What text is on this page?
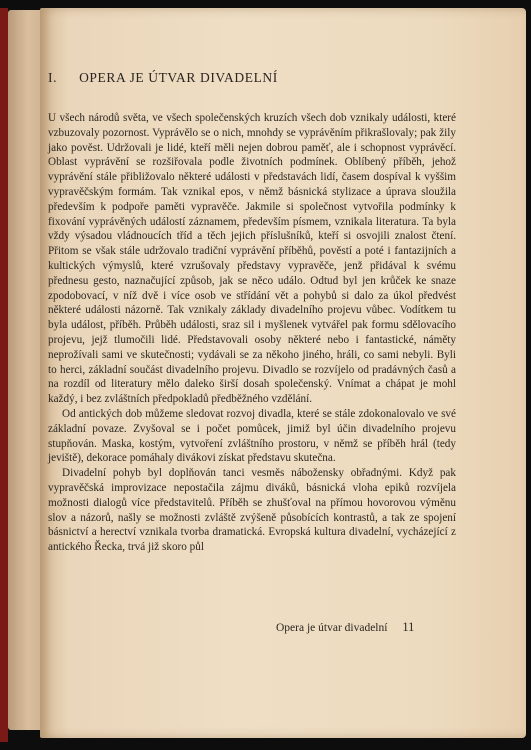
I. OPERA JE ÚTVAR DIVADELNÍ

U všech národů světa, ve všech společenských kruzích všech dob vznikaly události, které vzbuzovaly pozornost. Vyprávělo se o nich, mnohdy se vyprávěním přikrašlovaly; pak žily jako pověst. Udržovali je lidé, kteří měli nejen dobrou paměť, ale i schopnost vyprávěcí. Oblast vyprávění se rozšiřovala podle životních podmínek. Oblíbený příběh, jehož vyprávění stále přibližovalo některé události v představách lidí, časem dospíval k vyššim vypravěčským formám. Tak vznikal epos, v němž básnická stylizace a úprava sloužila především k podpoře paměti vypravěče. Jakmile si společnost vytvořila podmínky k fixování vyprávěných událostí záznamem, především písmem, vznikala literatura. Ta byla vždy výsadou vládnoucích tříd a těch jejich příslušníků, kteří si osvojili znalost čtení. Přitom se však stále udržovalo tradiční vyprávění příběhů, pověstí a poté i fantazijních a kultických výmyslů, které vzrušovaly představy vypravěče, jenž přidával k svému přednesu gesto, naznačující způsob, jak se něco událo. Odtud byl jen krůček ke snaze zpodobovací, v níž dvě i více osob ve střídání vět a pohybů si dalo za úkol předvést některé události názorně. Tak vznikaly základy divadelního projevu vůbec. Vodítkem tu byla událost, příběh. Průběh události, sraz sil i myšlenek vytvářel pak formu sdělovacího projevu, jejž tlumočili lidé. Představovali osoby některé nebo i fantastické, náměty neprožívali sami ve skutečnosti; vydávali se za někoho jiného, hráli, co sami nebyli. Byli to herci, základní součást divadelního projevu. Divadlo se rozvíjelo od pradávných časů a na rozdíl od literatury mělo daleko širší dosah společenský. Vnímat a chápat je mohl každý, i bez zvláštních předpokladů předběžného vzdělání.

Od antických dob můžeme sledovat rozvoj divadla, které se stále zdokonalovalo ve své základní povaze. Zvyšoval se i počet pomůcek, jimiž byl účin divadelního projevu stupňován. Maska, kostým, vytvoření zvláštního prostoru, v němž se příběh hrál (tedy jeviště), dekorace pomáhaly divákovi získat představu skutečna.

Divadelní pohyb byl doplňován tanci vesměs nábožensky obřadnými. Když pak vypravěčská improvizace nepostačila zájmu diváků, básnická vloha epiků rozvíjela možnosti dialogů více představitelů. Příběh se zhušťoval na přímou hovorovou výměnu slov a názorů, našly se možnosti zvláště zvýšeně působících kontrastů, a tak ze spojení básnictví a herectví vznikala tvorba dramatická. Evropská kultura divadelní, vycházející z antického Řecka, trvá již skoro půl

Opera je útvar divadelní 11
